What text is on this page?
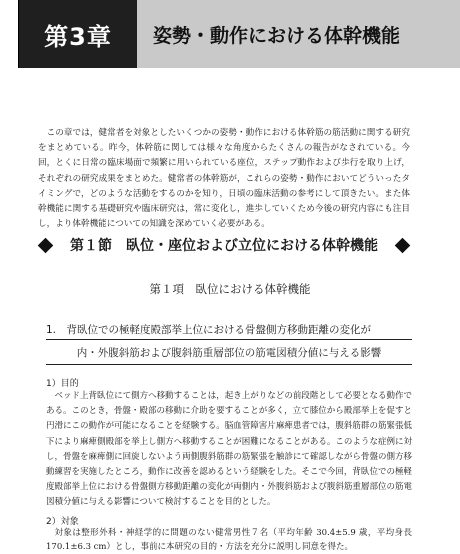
第3章	姿勢・動作における体幹機能

この章では，健常者を対象としたいくつかの姿勢・動作における体幹筋の筋活動に関する研究をまとめている。昨今，体幹筋に関しては様々な角度からたくさんの報告がなされている。今回，とくに日常の臨床場面で頻繁に用いられている座位，ステップ動作および歩行を取り上げ，それぞれの研究成果をまとめた。健常者の体幹筋が，これらの姿勢・動作においてどういったタイミングで，どのような活動をするのかを知り，日頃の臨床活動の参考にして頂きたい。また体幹機能に関する基礎研究や臨床研究は，常に変化し，進歩していくため今後の研究内容にも注目し，より体幹機能についての知識を深めていく必要がある。

第１節　臥位・座位および立位における体幹機能
第１項　臥位における体幹機能
1.　背臥位での極軽度殿部挙上位における骨盤側方移動距離の変化が
内・外腹斜筋および腹斜筋重層部位の筋電図積分値に与える影響
1）目的

ベッド上背臥位にて側方へ移動することは，起き上がりなどの前段階として必要となる動作である。このとき，骨盤・殿部の移動に介助を要することが多く，立て膝位から殿部挙上を促すと円滑にこの動作が可能になることを経験する。脳血管障害片麻痺患者では，腹斜筋群の筋緊張低下により麻痺側殿部を挙上し側方へ移動することが困難になることがある。このような症例に対し，骨盤を麻痺側に回旋しないよう両側腹斜筋群の筋緊張を触診にて確認しながら骨盤の側方移動練習を実施したところ，動作に改善を認めるという経験をした。そこで今回，背臥位での極軽度殿部挙上位における骨盤側方移動距離の変化が両側内・外腹斜筋および腹斜筋重層部位の筋電図積分値に与える影響について検討することを目的とした。

2）対象

対象は整形外科・神経学的に問題のない健常男性７名（平均年齢 30.4±5.9 歳，平均身長 170.1±6.3 cm）とし，事前に本研究の目的・方法を充分に説明し同意を得た。
